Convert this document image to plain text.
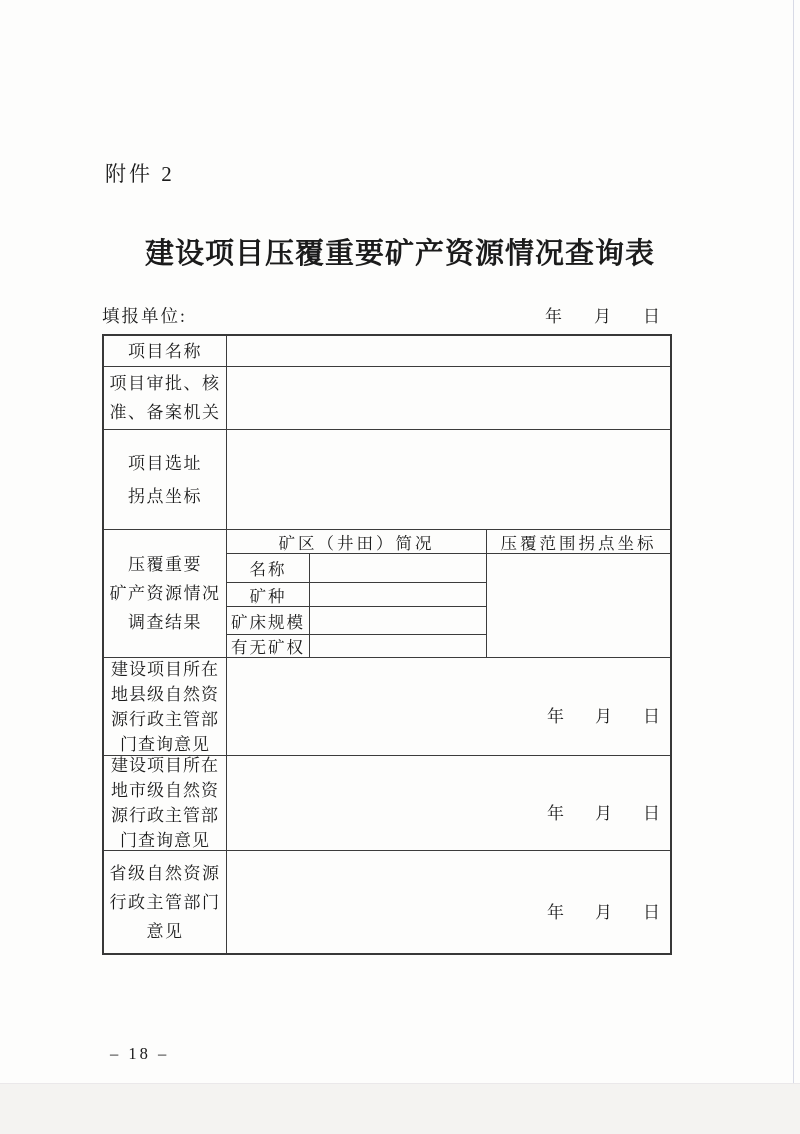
附件 2
建设项目压覆重要矿产资源情况查询表
填报单位:	年 月 日
项目名称
项目审批、核
准、备案机关
项目选址
拐点坐标
压覆重要
矿产资源情况
调查结果
矿区（井田）简况	压覆范围拐点坐标
名称
矿种
矿床规模
有无矿权
建设项目所在
地县级自然资
源行政主管部
门查询意见
年 月 日
建设项目所在
地市级自然资
源行政主管部
门查询意见
年 月 日
省级自然资源
行政主管部门
意见
年 月 日
– 18 –
